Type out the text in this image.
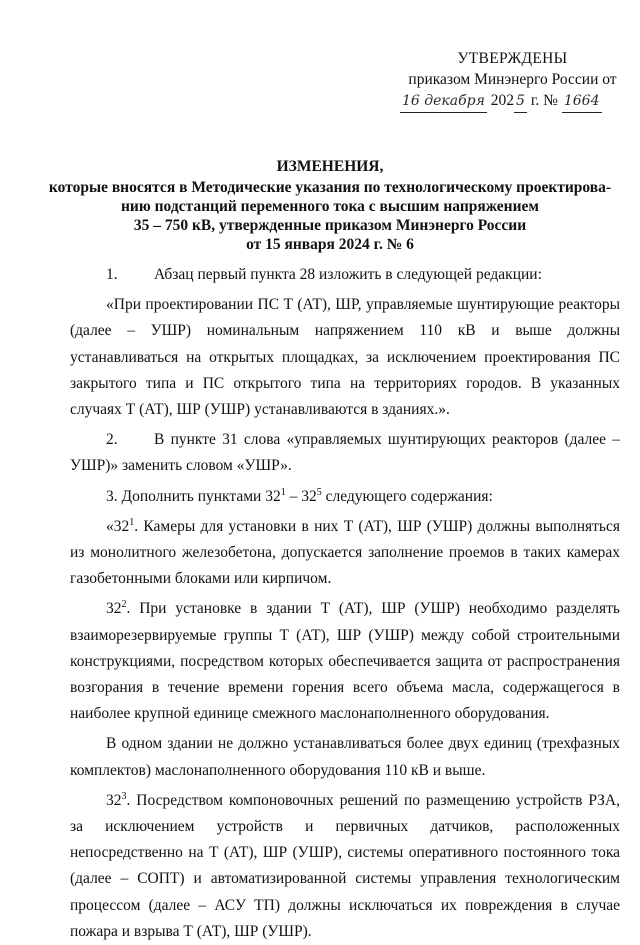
УТВЕРЖДЕНЫ
приказом Минэнерго России от
16 декабря 202 5 г. № 1664
ИЗМЕНЕНИЯ,
которые вносятся в Методические указания по технологическому проектирова-
нию подстанций переменного тока с высшим напряжением
35 – 750 кВ, утвержденные приказом Минэнерго России
от 15 января 2024 г. № 6

1. Абзац первый пункта 28 изложить в следующей редакции:

«При проектировании ПС Т (АТ), ШР, управляемые шунтирующие реакторы (далее – УШР) номинальным напряжением 110 кВ и выше должны устанавливаться на открытых площадках, за исключением проектирования ПС закрытого типа и ПС открытого типа на территориях городов. В указанных случаях Т (АТ), ШР (УШР) устанавливаются в зданиях.».

2. В пункте 31 слова «управляемых шунтирующих реакторов (далее – УШР)» заменить словом «УШР».

3. Дополнить пунктами $32^1 - 32^5$ следующего содержания:

«$32^1$. Камеры для установки в них Т (АТ), ШР (УШР) должны выполняться из монолитного железобетона, допускается заполнение проемов в таких камерах газобетонными блоками или кирпичом.

$32^2$. При установке в здании Т (АТ), ШР (УШР) необходимо разделять взаиморезервируемые группы Т (АТ), ШР (УШР) между собой строительными конструкциями, посредством которых обеспечивается защита от распространения возгорания в течение времени горения всего объема масла, содержащегося в наиболее крупной единице смежного маслонаполненного оборудования.

В одном здании не должно устанавливаться более двух единиц (трехфазных комплектов) маслонаполненного оборудования 110 кВ и выше.

$32^3$. Посредством компоновочных решений по размещению устройств РЗА, за исключением устройств и первичных датчиков, расположенных непосредственно на Т (АТ), ШР (УШР), системы оперативного постоянного тока (далее – СОПТ) и автоматизированной системы управления технологическим процессом (далее – АСУ ТП) должны исключаться их повреждения в случае пожара и взрыва Т (АТ), ШР (УШР).
